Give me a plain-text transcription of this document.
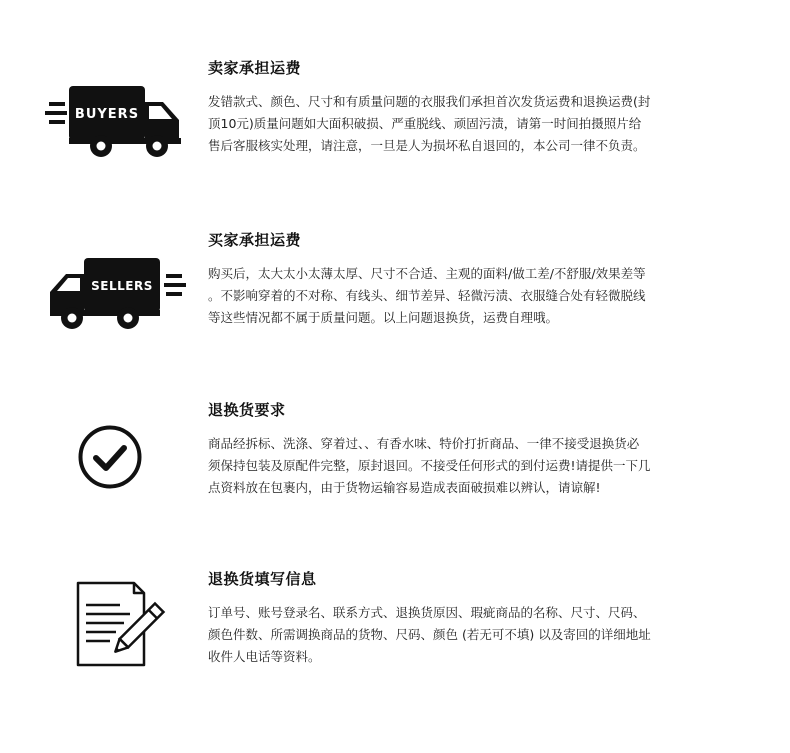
BUYERS
卖家承担运费

发错款式、颜色、尺寸和有质量问题的衣服我们承担首次发货运费和退换运费(封
顶10元)质量问题如大面积破损、严重脱线、顽固污渍，请第一时间拍摄照片给
售后客服核实处理，请注意，一旦是人为损坏私自退回的，本公司一律不负责。

SELLERS
买家承担运费

购买后，太大太小太薄太厚、尺寸不合适、主观的面料/做工差/不舒服/效果差等
。不影响穿着的不对称、有线头、细节差异、轻微污渍、衣服缝合处有轻微脱线
等这些情况都不属于质量问题。以上问题退换货，运费自理哦。

退换货要求

商品经拆标、洗涤、穿着过、、有香水味、特价打折商品、一律不接受退换货必
须保持包装及原配件完整，原封退回。不接受任何形式的到付运费!请提供一下几
点资料放在包裹内，由于货物运输容易造成表面破损难以辨认，请谅解!

退换货填写信息

订单号、账号登录名、联系方式、退换货原因、瑕疵商品的名称、尺寸、尺码、
颜色件数、所需调换商品的货物、尺码、颜色 (若无可不填) 以及寄回的详细地址
收件人电话等资料。
